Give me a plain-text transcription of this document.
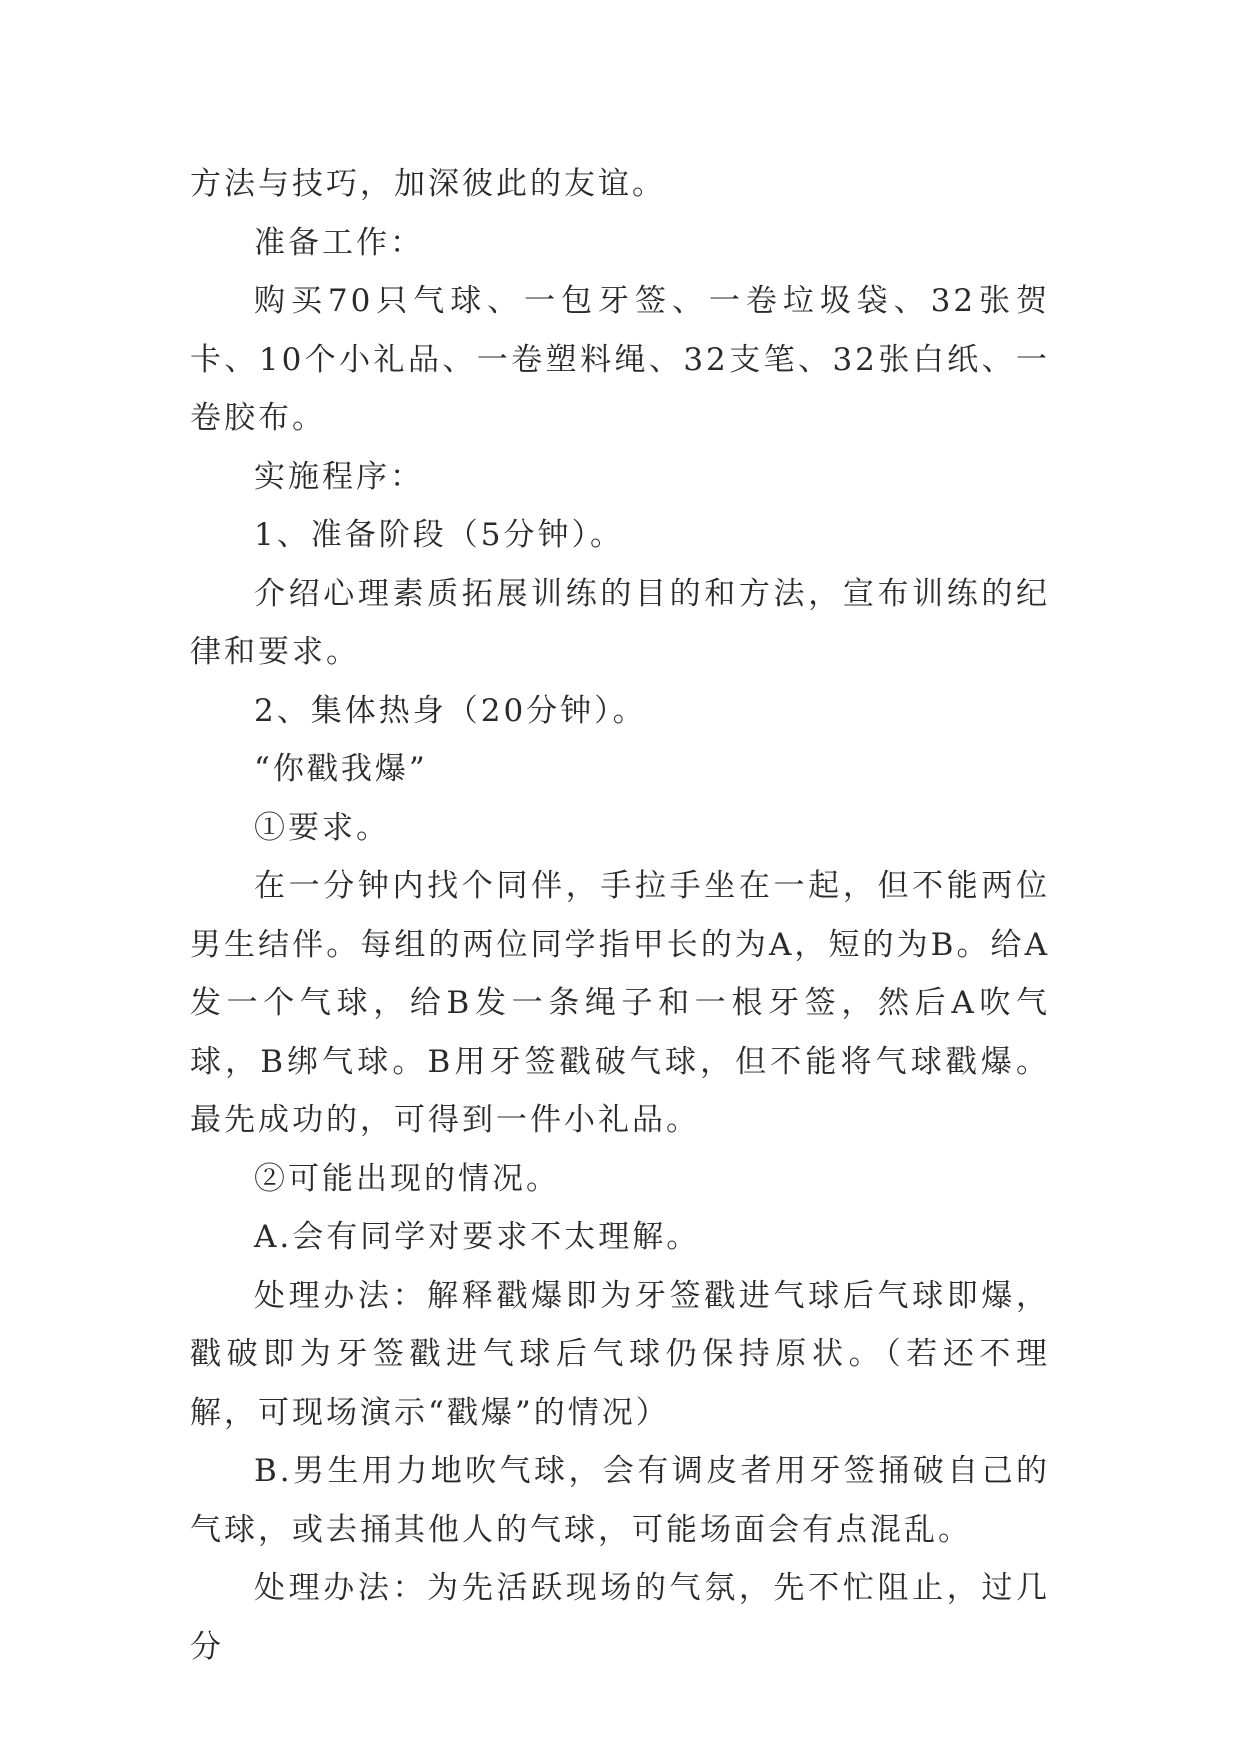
方法与技巧，加深彼此的友谊。

准备工作：

购买70只气球、一包牙签、一卷垃圾袋、32张贺卡、10个小礼品、一卷塑料绳、32支笔、32张白纸、一卷胶布。

实施程序：

1、准备阶段（5分钟）。

介绍心理素质拓展训练的目的和方法，宣布训练的纪律和要求。

2、集体热身（20分钟）。

“你戳我爆”

①要求。

在一分钟内找个同伴，手拉手坐在一起，但不能两位男生结伴。每组的两位同学指甲长的为A，短的为B。给A发一个气球，给B发一条绳子和一根牙签，然后A吹气球，B绑气球。B用牙签戳破气球，但不能将气球戳爆。最先成功的，可得到一件小礼品。

②可能出现的情况。

A.会有同学对要求不太理解。

处理办法：解释戳爆即为牙签戳进气球后气球即爆，戳破即为牙签戳进气球后气球仍保持原状。（若还不理解，可现场演示“戳爆”的情况）

B.男生用力地吹气球，会有调皮者用牙签捅破自己的气球，或去捅其他人的气球，可能场面会有点混乱。

处理办法：为先活跃现场的气氛，先不忙阻止，过几分
